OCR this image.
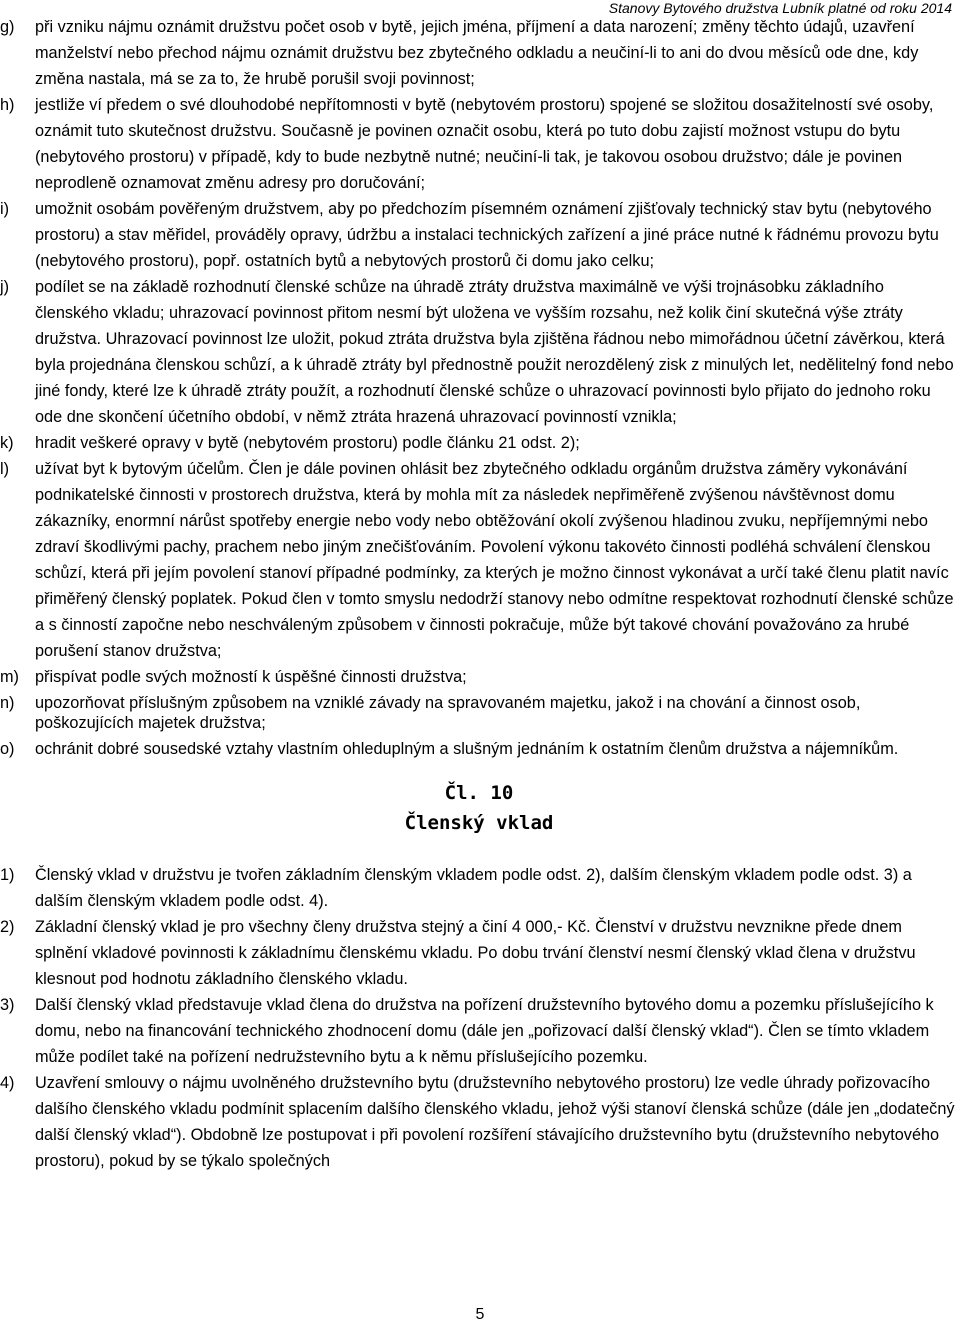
Stanovy Bytového družstva Lubník platné od roku 2014
g) při vzniku nájmu oznámit družstvu počet osob v bytě, jejich jména, příjmení a data narození; změny těchto údajů, uzavření manželství nebo přechod nájmu oznámit družstvu bez zbytečného odkladu a neučiní-li to ani do dvou měsíců ode dne, kdy změna nastala, má se za to, že hrubě porušil svoji povinnost;
h) jestliže ví předem o své dlouhodobé nepřítomnosti v bytě (nebytovém prostoru) spojené se složitou dosažitelností své osoby, oznámit tuto skutečnost družstvu. Současně je povinen označit osobu, která po tuto dobu zajistí možnost vstupu do bytu (nebytového prostoru) v případě, kdy to bude nezbytně nutné; neučiní-li tak, je takovou osobou družstvo; dále je povinen neprodleně oznamovat změnu adresy pro doručování;
i) umožnit osobám pověřeným družstvem, aby po předchozím písemném oznámení zjišťovaly technický stav bytu (nebytového prostoru) a stav měřidel, prováděly opravy, údržbu a instalaci technických zařízení a jiné práce nutné k řádnému provozu bytu (nebytového prostoru), popř. ostatních bytů a nebytových prostorů či domu jako celku;
j) podílet se na základě rozhodnutí členské schůze na úhradě ztráty družstva maximálně ve výši trojnásobku základního členského vkladu; uhrazovací povinnost přitom nesmí být uložena ve vyšším rozsahu, než kolik činí skutečná výše ztráty družstva. Uhrazovací povinnost lze uložit, pokud ztráta družstva byla zjištěna řádnou nebo mimořádnou účetní závěrkou, která byla projednána členskou schůzí, a k úhradě ztráty byl přednostně použit nerozdělený zisk z minulých let, nedělitelný fond nebo jiné fondy, které lze k úhradě ztráty použít, a rozhodnutí členské schůze o uhrazovací povinnosti bylo přijato do jednoho roku ode dne skončení účetního období, v němž ztráta hrazená uhrazovací povinností vznikla;
k) hradit veškeré opravy v bytě (nebytovém prostoru) podle článku 21 odst. 2);
l) užívat byt k bytovým účelům. Člen je dále povinen ohlásit bez zbytečného odkladu orgánům družstva záměry vykonávání podnikatelské činnosti v prostorech družstva, která by mohla mít za následek nepřiměřeně zvýšenou návštěvnost domu zákazníky, enormní nárůst spotřeby energie nebo vody nebo obtěžování okolí zvýšenou hladinou zvuku, nepříjemnými nebo zdraví škodlivými pachy, prachem nebo jiným znečišťováním. Povolení výkonu takovéto činnosti podléhá schválení členskou schůzí, která při jejím povolení stanoví případné podmínky, za kterých je možno činnost vykonávat a určí také členu platit navíc přiměřený členský poplatek. Pokud člen v tomto smyslu nedodrží stanovy nebo odmítne respektovat rozhodnutí členské schůze a s činností započne nebo neschváleným způsobem v činnosti pokračuje, může být takové chování považováno za hrubé porušení stanov družstva;
m) přispívat podle svých možností k úspěšné činnosti družstva;
n) upozorňovat příslušným způsobem na vzniklé závady na spravovaném majetku, jakož i na chování a činnost osob, poškozujících majetek družstva;
o) ochránit dobré sousedské vztahy vlastním ohleduplným a slušným jednáním k ostatním členům družstva a nájemníkům.
Čl. 10
Členský vklad
1) Členský vklad v družstvu je tvořen základním členským vkladem podle odst. 2), dalším členským vkladem podle odst. 3) a dalším členským vkladem podle odst. 4).
2) Základní členský vklad je pro všechny členy družstva stejný a činí 4 000,- Kč. Členství v družstvu nevznikne přede dnem splnění vkladové povinnosti k základnímu členskému vkladu. Po dobu trvání členství nesmí členský vklad člena v družstvu klesnout pod hodnotu základního členského vkladu.
3) Další členský vklad představuje vklad člena do družstva na pořízení družstevního bytového domu a pozemku příslušejícího k domu, nebo na financování technického zhodnocení domu (dále jen „pořizovací další členský vklad“). Člen se tímto vkladem může podílet také na pořízení nedružstevního bytu a k němu příslušejícího pozemku.
4) Uzavření smlouvy o nájmu uvolněného družstevního bytu (družstevního nebytového prostoru) lze vedle úhrady pořizovacího dalšího členského vkladu podmínit splacením dalšího členského vkladu, jehož výši stanoví členská schůze (dále jen „dodatečný další členský vklad“). Obdobně lze postupovat i při povolení rozšíření stávajícího družstevního bytu (družstevního nebytového prostoru), pokud by se týkalo společných
5
